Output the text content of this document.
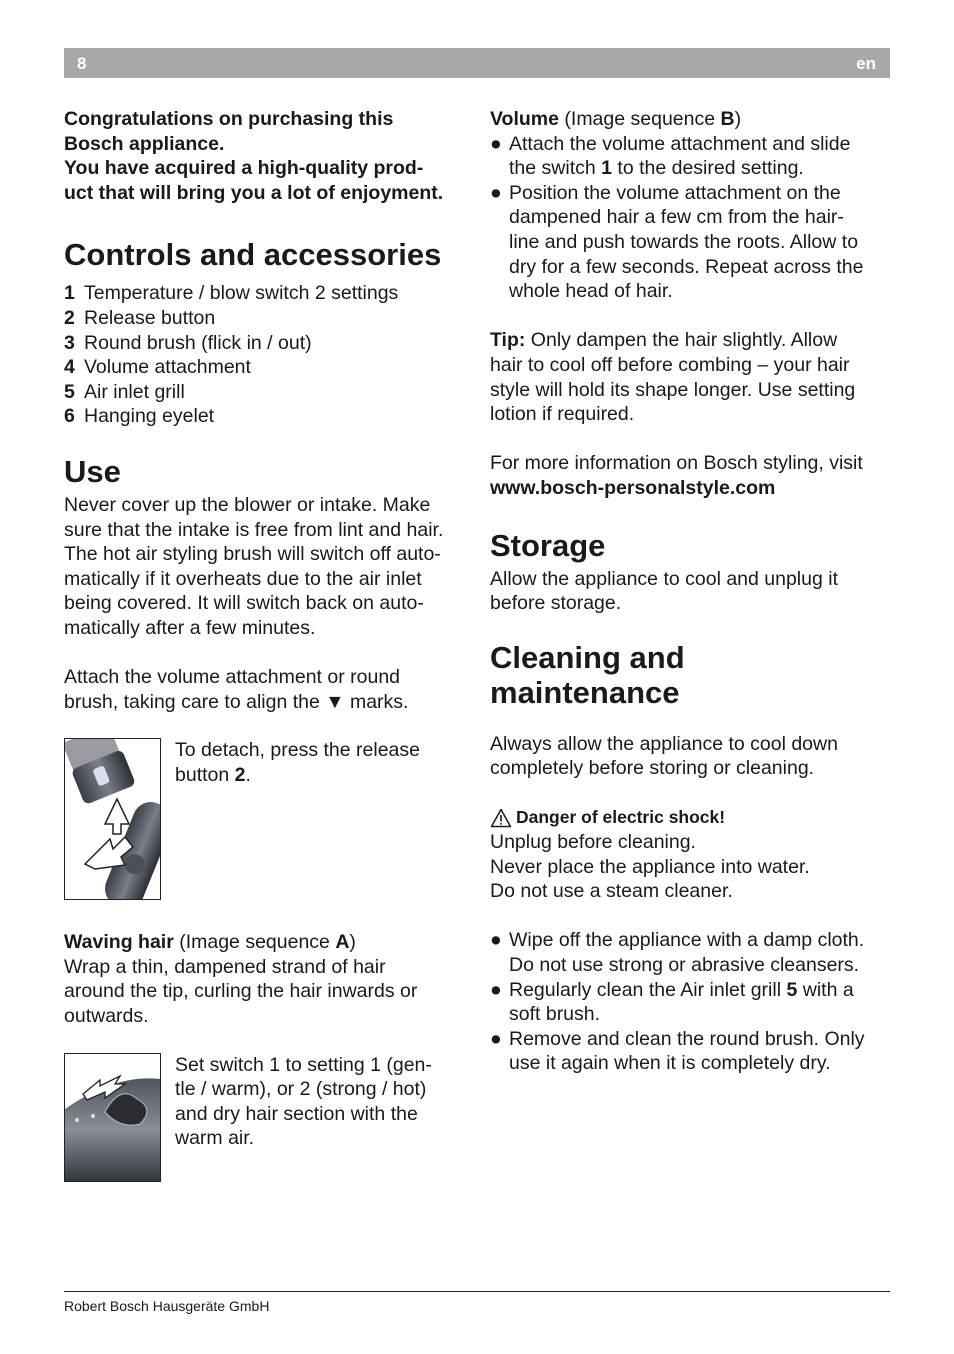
8	en
Congratulations on purchasing this
Bosch appliance.
You have acquired a high-quality prod-
uct that will bring you a lot of enjoyment.
Controls and accessories
1 Temperature / blow switch 2 settings
2 Release button
3 Round brush (flick in / out)
4 Volume attachment
5 Air inlet grill
6 Hanging eyelet
Use
Never cover up the blower or intake. Make
sure that the intake is free from lint and hair.
The hot air styling brush will switch off auto-
matically if it overheats due to the air inlet
being covered. It will switch back on auto-
matically after a few minutes.
Attach the volume attachment or round
brush, taking care to align the ▼ marks.
To detach, press the release
button 2.
Waving hair (Image sequence A)
Wrap a thin, dampened strand of hair
around the tip, curling the hair inwards or
outwards.
Set switch 1 to setting 1 (gen-
tle / warm), or 2 (strong / hot)
and dry hair section with the
warm air.
Volume (Image sequence B)
● Attach the volume attachment and slide
the switch 1 to the desired setting.
● Position the volume attachment on the
dampened hair a few cm from the hair-
line and push towards the roots. Allow to
dry for a few seconds. Repeat across the
whole head of hair.
Tip: Only dampen the hair slightly. Allow
hair to cool off before combing – your hair
style will hold its shape longer. Use setting
lotion if required.
For more information on Bosch styling, visit
www.bosch-personalstyle.com
Storage
Allow the appliance to cool and unplug it
before storage.
Cleaning and
maintenance
Always allow the appliance to cool down
completely before storing or cleaning.
Danger of electric shock!
Unplug before cleaning.
Never place the appliance into water.
Do not use a steam cleaner.
● Wipe off the appliance with a damp cloth.
Do not use strong or abrasive cleansers.
● Regularly clean the Air inlet grill 5 with a
soft brush.
● Remove and clean the round brush. Only
use it again when it is completely dry.
Robert Bosch Hausgeräte GmbH
